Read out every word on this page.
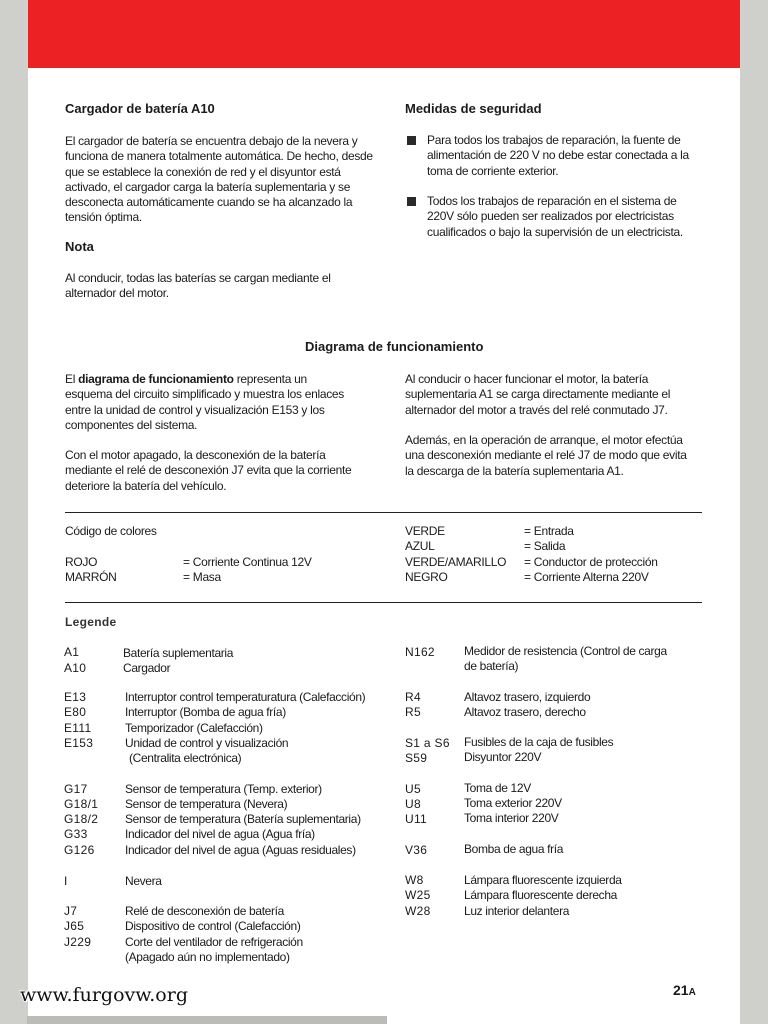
Cargador de batería A10

El cargador de batería se encuentra debajo de la nevera y funciona de manera totalmente automática. De hecho, desde que se establece la conexión de red y el disyuntor está activado, el cargador carga la batería suplementaria y se desconecta automáticamente cuando se ha alcanzado la tensión óptima.

Nota

Al conducir, todas las baterías se cargan mediante el alternador del motor.

Medidas de seguridad

Para todos los trabajos de reparación, la fuente de alimentación de 220 V no debe estar conectada a la toma de corriente exterior.

Todos los trabajos de reparación en el sistema de 220V sólo pueden ser realizados por electricistas cualificados o bajo la supervisión de un electricista.

Diagrama de funcionamiento

El diagrama de funcionamiento representa un esquema del circuito simplificado y muestra los enlaces entre la unidad de control y visualización E153 y los componentes del sistema.

Con el motor apagado, la desconexión de la batería mediante el relé de desconexión J7 evita que la corriente deteriore la batería del vehículo.

Al conducir o hacer funcionar el motor, la batería suplementaria A1 se carga directamente mediante el alternador del motor a través del relé conmutado J7.

Además, en la operación de arranque, el motor efectúa una desconexión mediante el relé J7 de modo que evita la descarga de la batería suplementaria A1.

Código de colores
ROJO	= Corriente Continua 12V
MARRÓN	= Masa
VERDE	= Entrada
AZUL	= Salida
VERDE/AMARILLO = Conductor de protección
NEGRO	= Corriente Alterna 220V
Legende
A1	Batería suplementaria
A10	Cargador
E13	Interruptor control temperaturatura (Calefacción)
E80	Interruptor (Bomba de agua fría)
E111	Temporizador (Calefacción)
E153	Unidad de control y visualización
(Centralita electrónica)
G17	Sensor de temperatura (Temp. exterior)
G18/1 Sensor de temperatura (Nevera)
G18/2 Sensor de temperatura (Batería suplementaria)
G33	Indicador del nivel de agua (Agua fría)
G126	Indicador del nivel de agua (Aguas residuales)
I	Nevera
J7	Relé de desconexión de batería
J65	Dispositivo de control (Calefacción)
J229	Corte del ventilador de refrigeración
(Apagado aún no implementado)
N162 Medidor de resistencia (Control de carga
de batería)
R4	Altavoz trasero, izquierdo
R5	Altavoz trasero, derecho
S1 a S6 Fusibles de la caja de fusibles
S59	Disyuntor 220V
U5	Toma de 12V
U8	Toma exterior 220V
U11	Toma interior 220V
V36	Bomba de agua fría
W8	Lámpara fluorescente izquierda
W25	Lámpara fluorescente derecha
W28	Luz interior delantera
21A
www.furgovw.org
